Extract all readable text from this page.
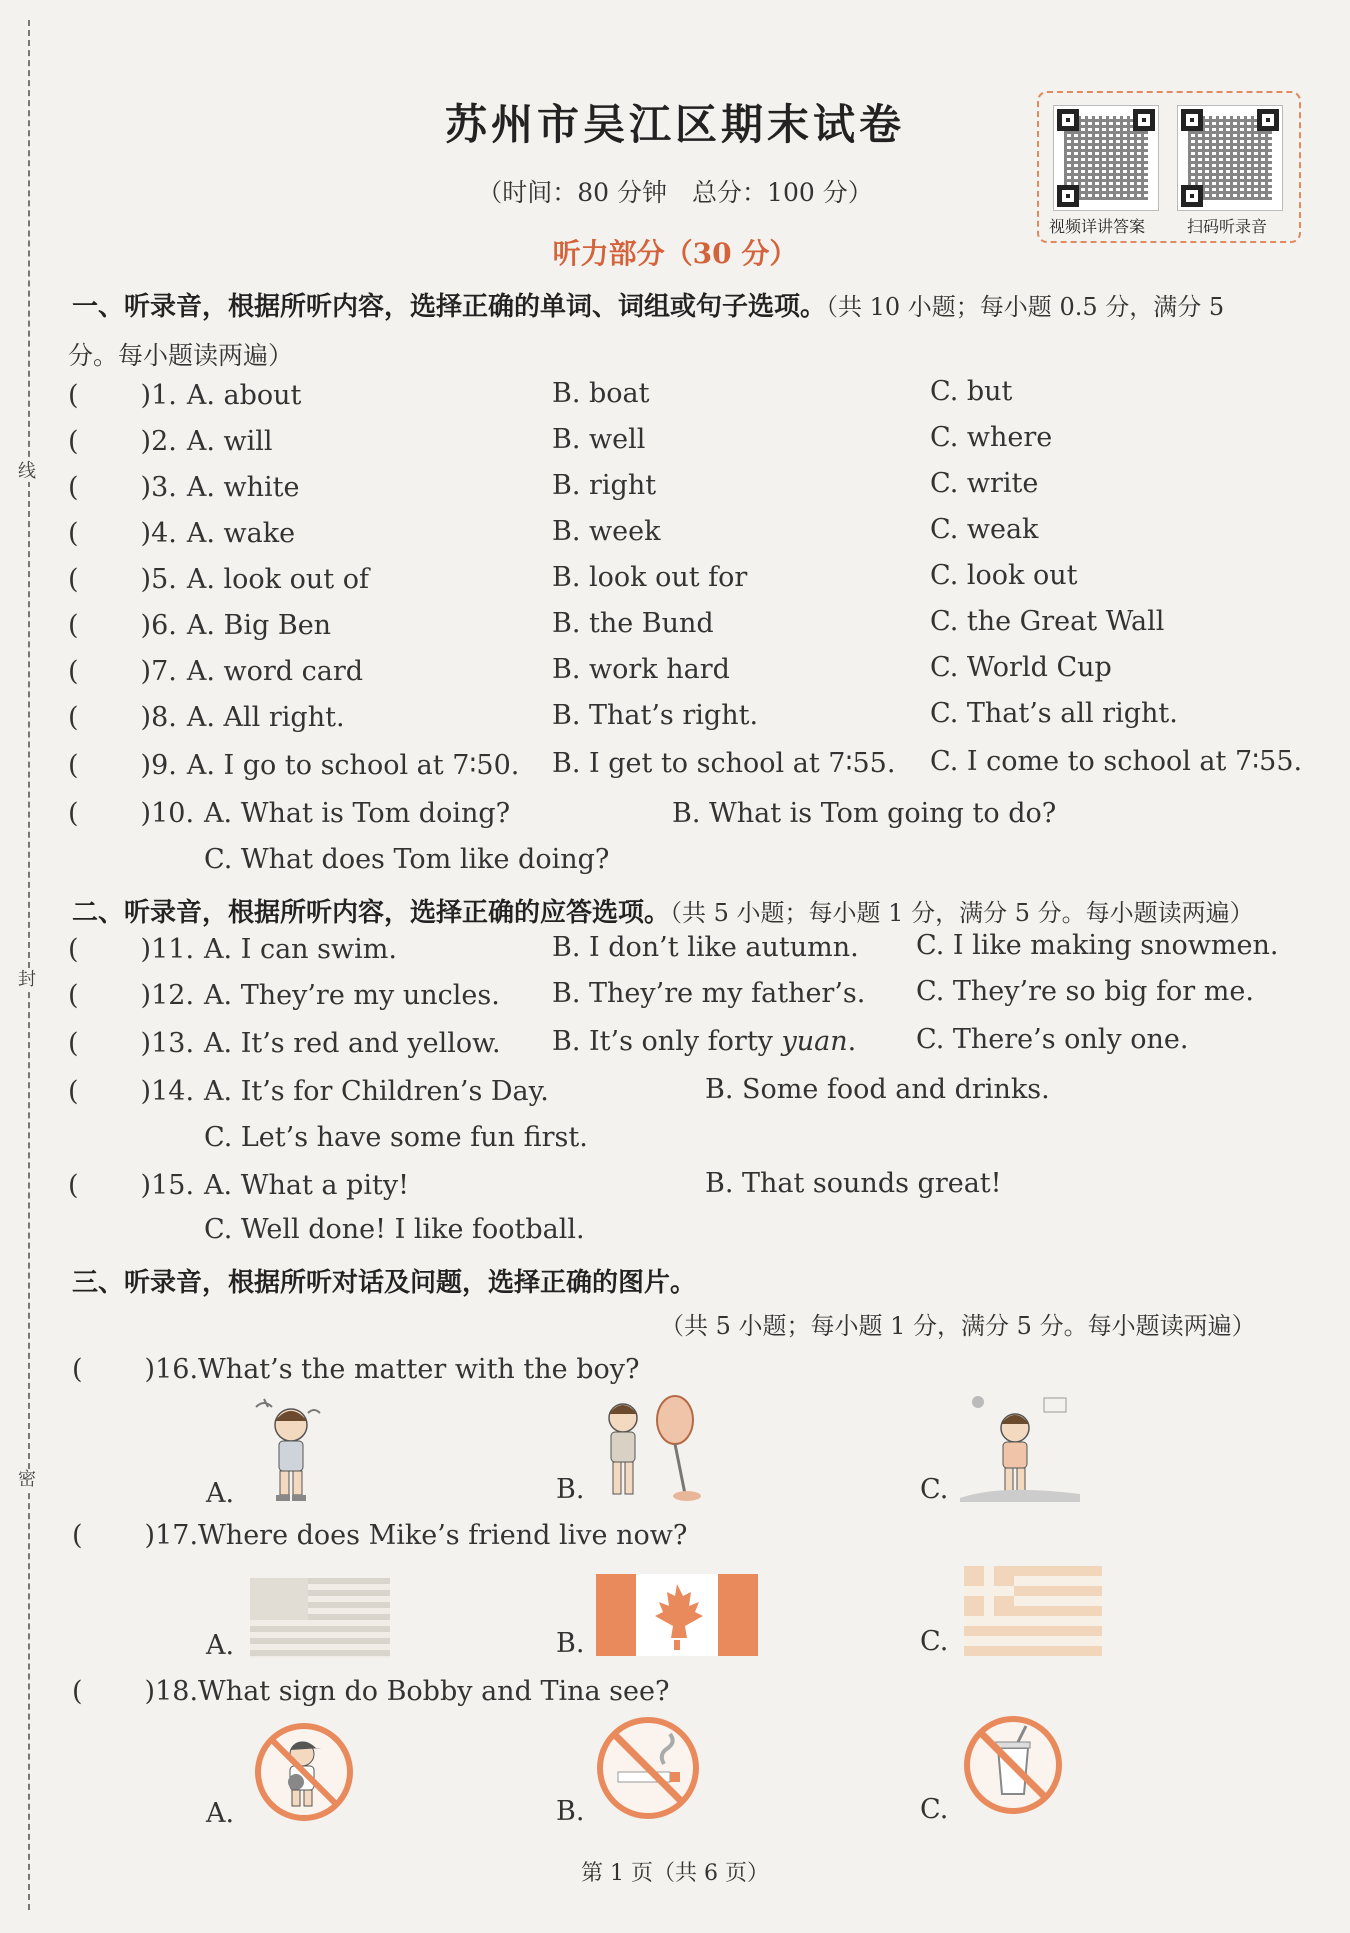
线
封
密
苏州市吴江区期末试卷
（时间：80 分钟　总分：100 分）
听力部分（30 分）
视频详讲答案	扫码听录音
一、听录音，根据所听内容，选择正确的单词、词组或句子选项。（共 10 小题；每小题 0.5 分，满分 5
分。每小题读两遍）
( )1. A. about	B. boat	C. but
( )2. A. will	B. well	C. where
( )3. A. white	B. right	C. write
( )4. A. wake	B. week	C. weak
( )5. A. look out of	B. look out for	C. look out
( )6. A. Big Ben	B. the Bund	C. the Great Wall
( )7. A. word card	B. work hard	C. World Cup
( )8. A. All right.	B. That’s right.	C. That’s all right.
( )9. A. I go to school at 7∶50. B. I get to school at 7∶55. C. I come to school at 7∶55.
( )10. A. What is Tom doing?	B. What is Tom going to do?
C. What does Tom like doing?
二、听录音，根据所听内容，选择正确的应答选项。（共 5 小题；每小题 1 分，满分 5 分。每小题读两遍）
( )11. A. I can swim.	B. I don’t like autumn. C. I like making snowmen.
( )12. A. They’re my uncles. B. They’re my father’s. C. They’re so big for me.
( )13. A. It’s red and yellow. B. It’s only forty yuan. C. There’s only one.
( )14. A. It’s for Children’s Day.	B. Some food and drinks.
C. Let’s have some fun first.
( )15. A. What a pity!	B. That sounds great!
C. Well done! I like football.
三、听录音，根据所听对话及问题，选择正确的图片。
（共 5 小题；每小题 1 分，满分 5 分。每小题读两遍）
( )16.What’s the matter with the boy?
A.	B.	C.
( )17.Where does Mike’s friend live now?
A.	B.	C.
( )18.What sign do Bobby and Tina see?
A.	B.	C.
第 1 页（共 6 页）
